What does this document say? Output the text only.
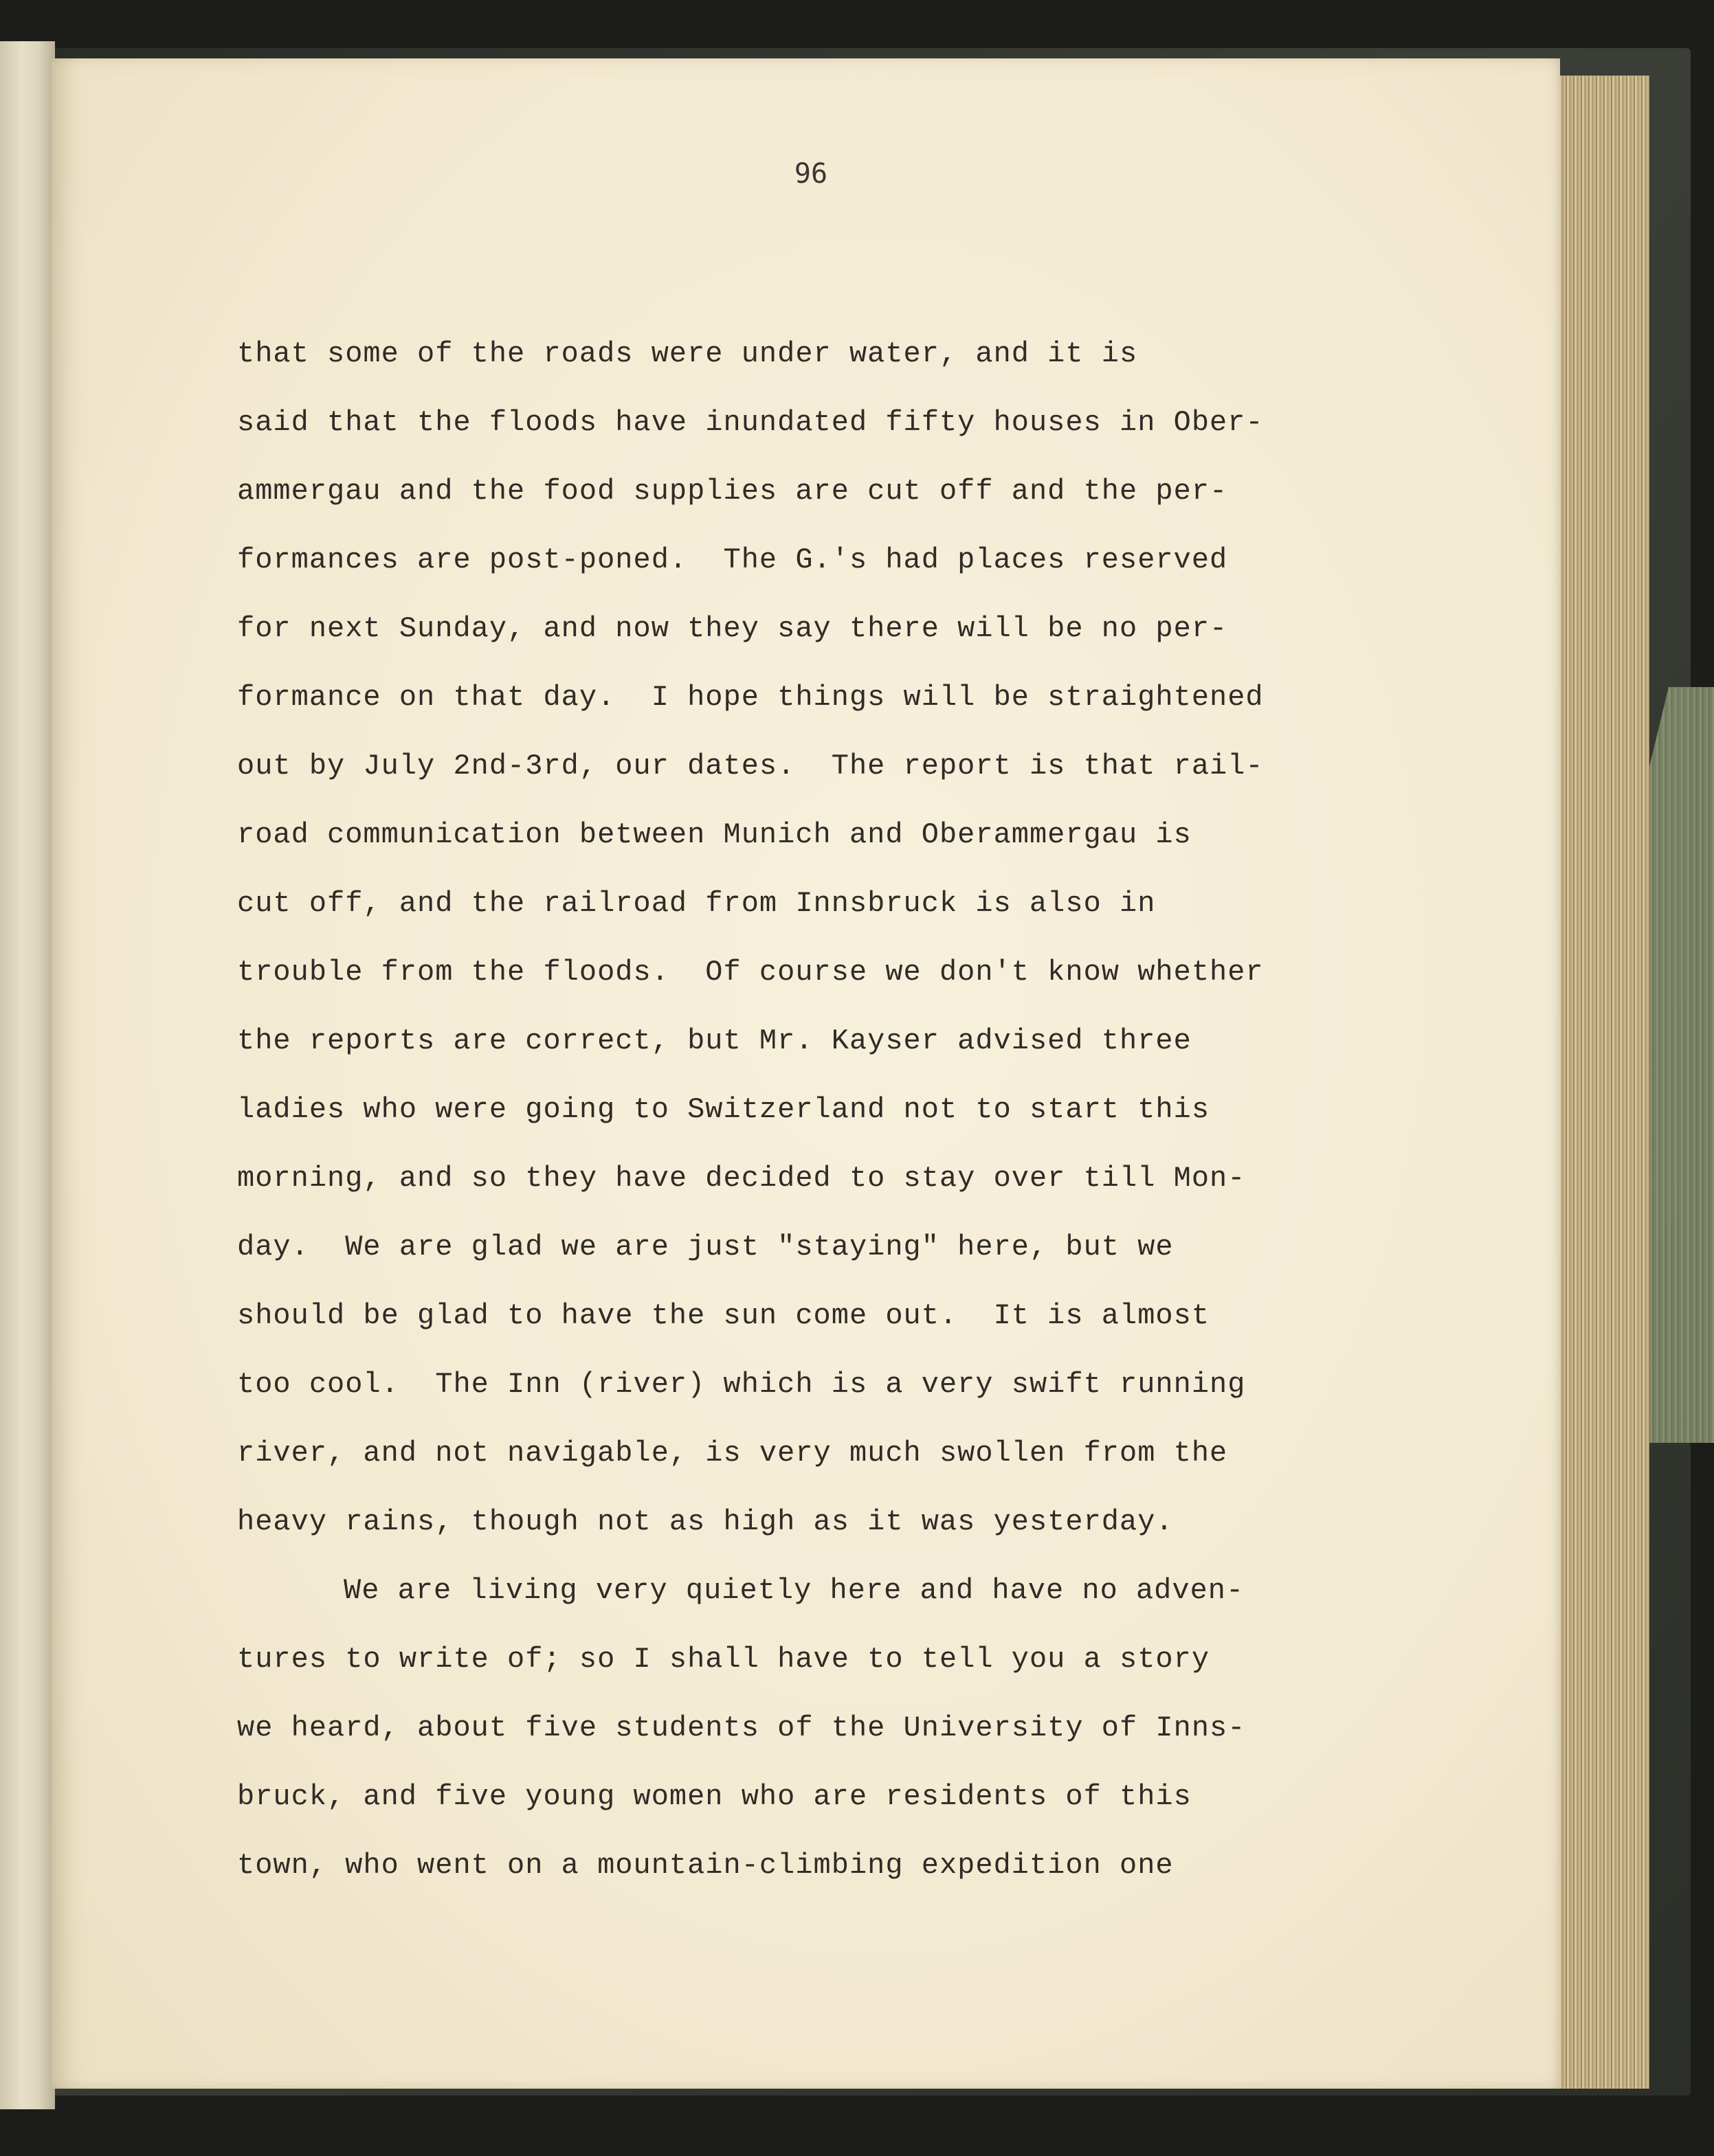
96
that some of the roads were under water, and it is
said that the floods have inundated fifty houses in Ober-
ammergau and the food supplies are cut off and the per-
formances are post-poned.  The G.'s had places reserved
for next Sunday, and now they say there will be no per-
formance on that day.  I hope things will be straightened
out by July 2nd-3rd, our dates.  The report is that rail-
road communication between Munich and Oberammergau is
cut off, and the railroad from Innsbruck is also in
trouble from the floods.  Of course we don't know whether
the reports are correct, but Mr. Kayser advised three
ladies who were going to Switzerland not to start this
morning, and so they have decided to stay over till Mon-
day.  We are glad we are just "staying" here, but we
should be glad to have the sun come out.  It is almost
too cool.  The Inn (river) which is a very swift running
river, and not navigable, is very much swollen from the
heavy rains, though not as high as it was yesterday.
We are living very quietly here and have no adven-
tures to write of; so I shall have to tell you a story
we heard, about five students of the University of Inns-
bruck, and five young women who are residents of this
town, who went on a mountain-climbing expedition one
